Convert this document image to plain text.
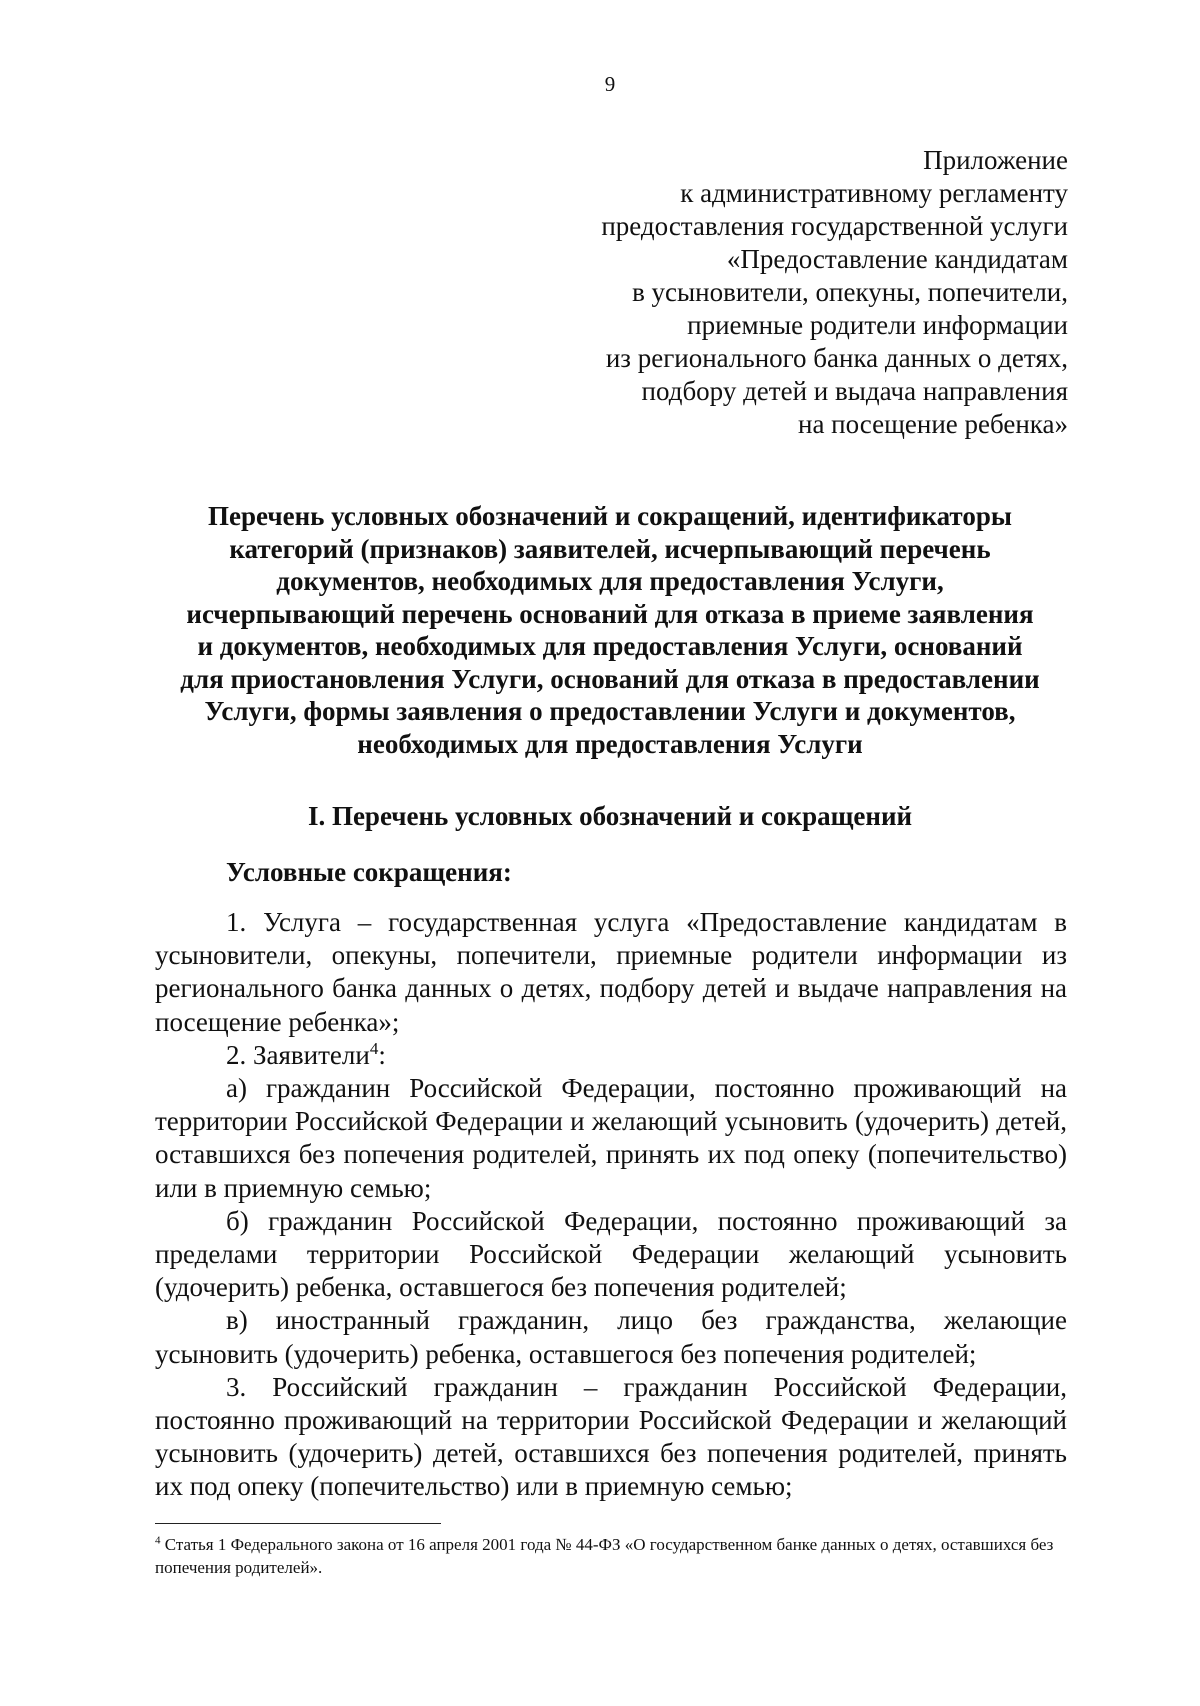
9
Приложение
к административному регламенту
предоставления государственной услуги
«Предоставление кандидатам
в усыновители, опекуны, попечители,
приемные родители информации
из регионального банка данных о детях,
подбору детей и выдача направления
на посещение ребенка»
Перечень условных обозначений и сокращений, идентификаторы
категорий (признаков) заявителей, исчерпывающий перечень
документов, необходимых для предоставления Услуги,
исчерпывающий перечень оснований для отказа в приеме заявления
и документов, необходимых для предоставления Услуги, оснований
для приостановления Услуги, оснований для отказа в предоставлении
Услуги, формы заявления о предоставлении Услуги и документов,
необходимых для предоставления Услуги
I. Перечень условных обозначений и сокращений
Условные сокращения:

1. Услуга – государственная услуга «Предоставление кандидатам в усыновители, опекуны, попечители, приемные родители информации из регионального банка данных о детях, подбору детей и выдаче направления на посещение ребенка»;

2. Заявители$^4$:

а) гражданин Российской Федерации, постоянно проживающий на территории Российской Федерации и желающий усыновить (удочерить) детей, оставшихся без попечения родителей, принять их под опеку (попечительство) или в приемную семью;

б) гражданин Российской Федерации, постоянно проживающий за пределами территории Российской Федерации желающий усыновить (удочерить) ребенка, оставшегося без попечения родителей;

в) иностранный гражданин, лицо без гражданства, желающие усыновить (удочерить) ребенка, оставшегося без попечения родителей;

3. Российский гражданин – гражданин Российской Федерации, постоянно проживающий на территории Российской Федерации и желающий усыновить (удочерить) детей, оставшихся без попечения родителей, принять их под опеку (попечительство) или в приемную семью;

$^4$ Статья 1 Федерального закона от 16 апреля 2001 года № 44-ФЗ «О государственном банке данных о детях, оставшихся без попечения родителей».
